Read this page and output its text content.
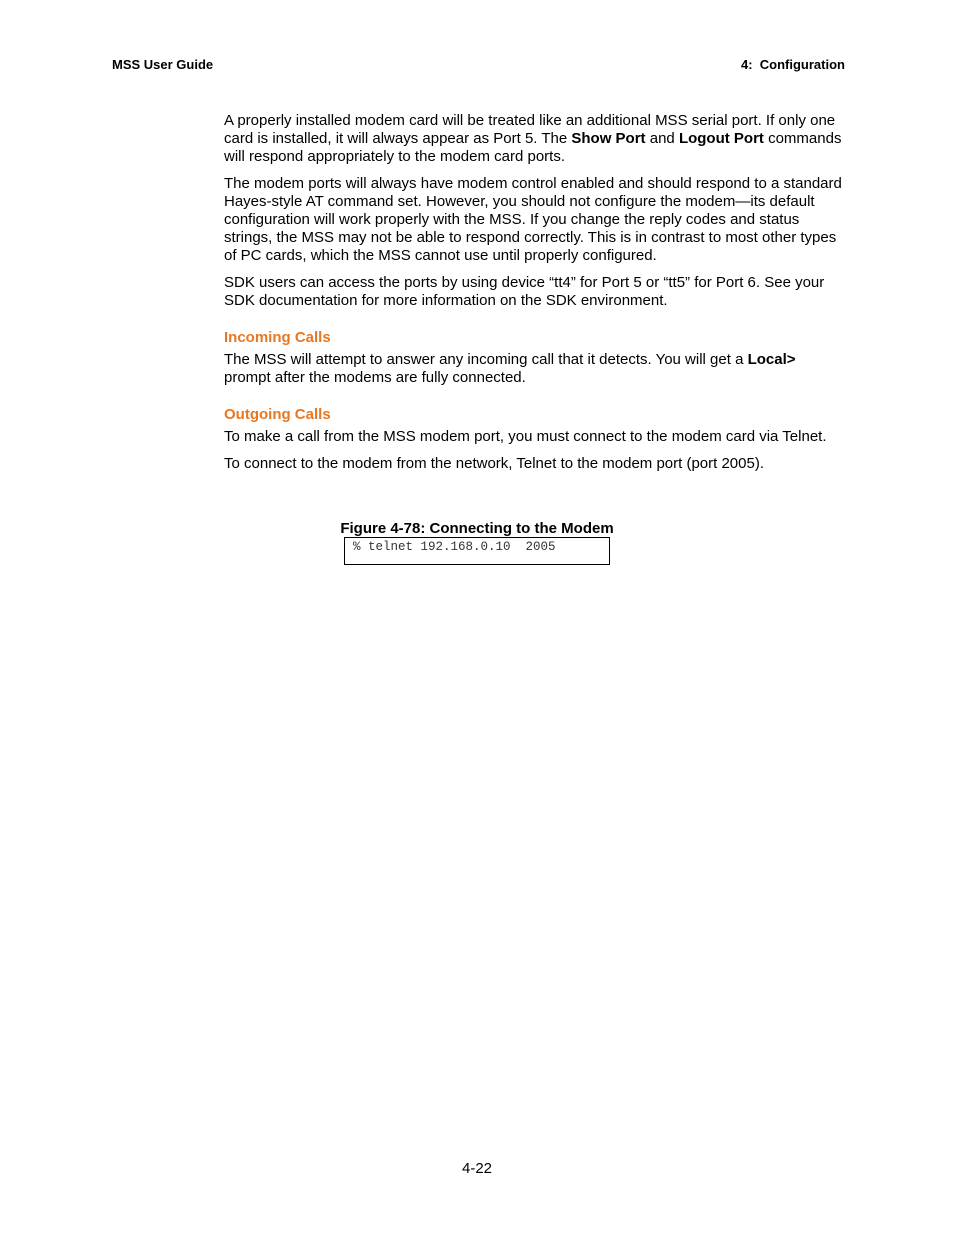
MSS User Guide	4:  Configuration

A properly installed modem card will be treated like an additional MSS serial port. If only one card is installed, it will always appear as Port 5. The Show Port and Logout Port commands will respond appropriately to the modem card ports.

The modem ports will always have modem control enabled and should respond to a standard Hayes-style AT command set. However, you should not configure the modem—its default configuration will work properly with the MSS. If you change the reply codes and status strings, the MSS may not be able to respond correctly. This is in contrast to most other types of PC cards, which the MSS cannot use until properly configured.

SDK users can access the ports by using device “tt4” for Port 5 or “tt5” for Port 6. See your SDK documentation for more information on the SDK environment.

Incoming Calls

The MSS will attempt to answer any incoming call that it detects. You will get a Local> prompt after the modems are fully connected.

Outgoing Calls

To make a call from the MSS modem port, you must connect to the modem card via Telnet.

To connect to the modem from the network, Telnet to the modem port (port 2005).

Figure 4-78: Connecting to the Modem
% telnet 192.168.0.10  2005
4-22
